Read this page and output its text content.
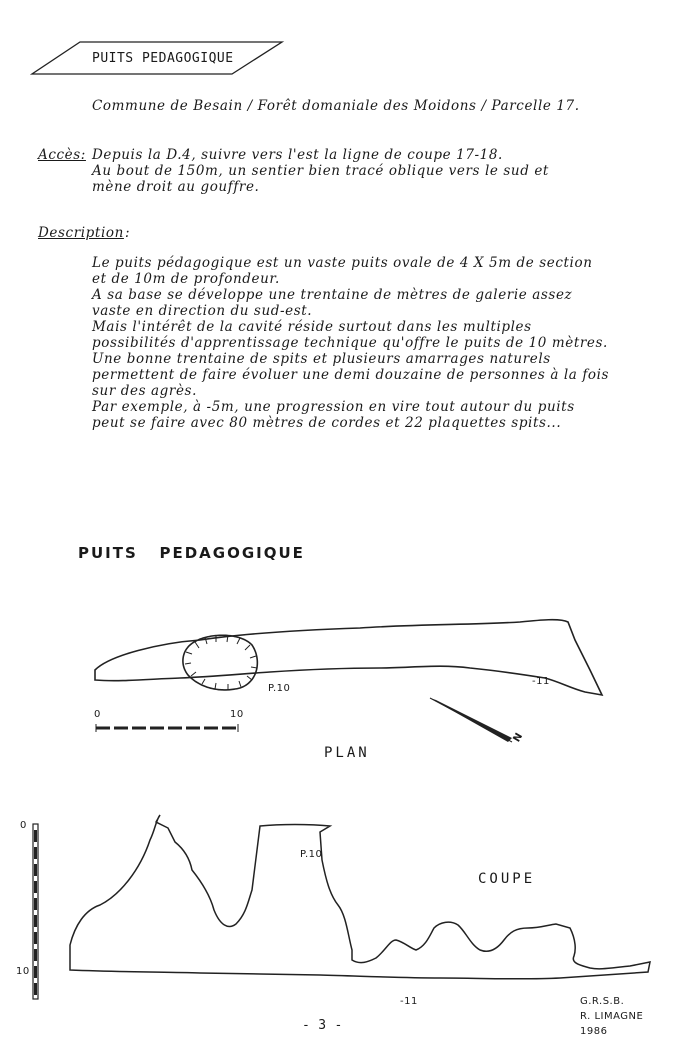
PUITS PEDAGOGIQUE
Commune de Besain / Forêt domaniale des Moidons / Parcelle 17.
Accès: Depuis la D.4, suivre vers l'est la ligne de coupe 17-18.
Au bout de 150m, un sentier bien tracé oblique vers le sud et
mène droit au gouffre.
Description :
Le puits pédagogique est un vaste puits ovale de 4 X 5m de section
et de 10m de profondeur.
A sa base se développe une trentaine de mètres de galerie assez
vaste en direction du sud-est.
Mais l'intérêt de la cavité réside surtout dans les multiples
possibilités d'apprentissage technique qu'offre le puits de 10 mètres.
Une bonne trentaine de spits et plusieurs amarrages naturels
permettent de faire évoluer une demi douzaine de personnes à la fois
sur des agrès.
Par exemple, à -5m, une progression en vire tout autour du puits
peut se faire avec 80 mètres de cordes et 22 plaquettes spits...
PUITS   PEDAGOGIQUE
P.10
-11
0	10
N
PLAN
0
10
P.10
COUPE
-11	G.R.S.B.
R. LIMAGNE
1986
- 3 -
